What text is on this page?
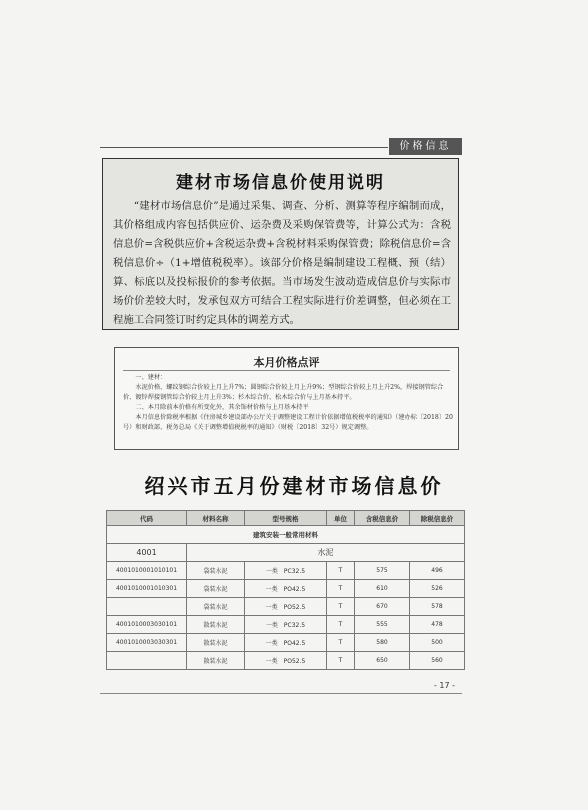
价格信息
建材市场信息价使用说明
“建材市场信息价”是通过采集、调查、分析、测算等程序编制而成，其价格组成内容包括供应价、运杂费及采购保管费等，计算公式为：含税信息价=含税供应价+含税运杂费+含税材料采购保管费；除税信息价=含税信息价÷（1+增值税税率）。该部分价格是编制建设工程概、预（结）算、标底以及投标报价的参考依据。当市场发生波动造成信息价与实际市场价价差较大时，发承包双方可结合工程实际进行价差调整，但必须在工程施工合同签订时约定具体的调差方式。
本月价格点评

一、建材：

水泥价格、螺纹钢综合价较上月上升7%；圆钢综合价较上月上升9%；型钢综合价较上月上升2%，焊接钢管综合价、镀锌焊接钢管综合价较上月上升3%；杉木综合价、松木综合价与上月基本持平。

二、本月除前本价格有所变化外，其余饰材价格与上月基本持平

本月信息价除税率根据《住房城乡建设部办公厅关于调整建设工程计价依据增值税税率的通知》（建办标〔2018〕20号）和财政部、税务总局《关于调整增值税税率的通知》（财税〔2018〕32号）规定调整。

绍兴市五月份建材市场信息价
代码	材料名称	型号规格	单位	含税信息价	除税信息价
建筑安装一般常用材料					
4001	水泥				
4001010001010101	袋装水泥	一类　PC32.5	T	575	496
4001010001010301	袋装水泥	一类　PO42.5	T	610	526
	袋装水泥	一类　PO52.5	T	670	578
4001010003030101	散装水泥	一类　PC32.5	T	555	478
4001010003030301	散装水泥	一类　PO42.5	T	580	500
	散装水泥	一类　PO52.5	T	650	560
- 17 -
